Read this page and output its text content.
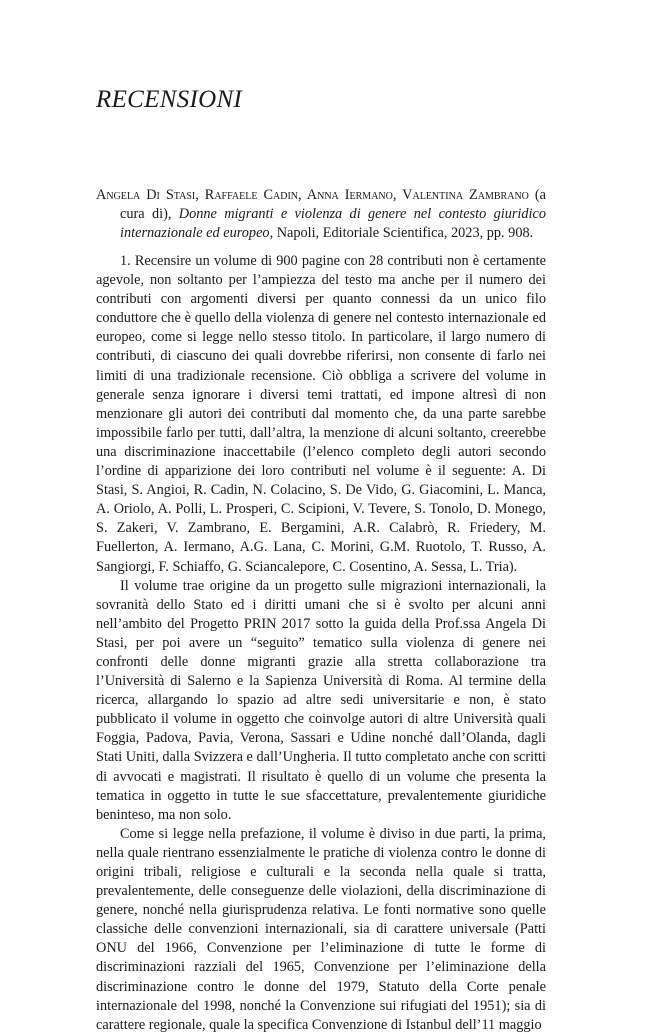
RECENSIONI
Angela Di Stasi, Raffaele Cadin, Anna Iermano, Valentina Zambrano (a cura di), Donne migranti e violenza di genere nel contesto giuridico internazionale ed europeo, Napoli, Editoriale Scientifica, 2023, pp. 908.

1. Recensire un volume di 900 pagine con 28 contributi non è certamente agevole, non soltanto per l’ampiezza del testo ma anche per il numero dei contributi con argomenti diversi per quanto connessi da un unico filo conduttore che è quello della violenza di genere nel contesto internazionale ed europeo, come si legge nello stesso titolo. In particolare, il largo numero di contributi, di ciascuno dei quali dovrebbe riferirsi, non consente di farlo nei limiti di una tradizionale recensione. Ciò obbliga a scrivere del volume in generale senza ignorare i diversi temi trattati, ed impone altresì di non menzionare gli autori dei contributi dal momento che, da una parte sarebbe impossibile farlo per tutti, dall’altra, la menzione di alcuni soltanto, creerebbe una discriminazione inaccettabile (l’elenco completo degli autori secondo l’ordine di apparizione dei loro contributi nel volume è il seguente: A. Di Stasi, S. Angioi, R. Cadin, N. Colacino, S. De Vido, G. Giacomini, L. Manca, A. Oriolo, A. Polli, L. Prosperi, C. Scipioni, V. Tevere, S. Tonolo, D. Monego, S. Zakeri, V. Zambrano, E. Bergamini, A.R. Calabrò, R. Friedery, M. Fuellerton, A. Iermano, A.G. Lana, C. Morini, G.M. Ruotolo, T. Russo, A. Sangiorgi, F. Schiaffo, G. Sciancalepore, C. Cosentino, A. Sessa, L. Tria).

Il volume trae origine da un progetto sulle migrazioni internazionali, la sovranità dello Stato ed i diritti umani che si è svolto per alcuni anni nell’ambito del Progetto PRIN 2017 sotto la guida della Prof.ssa Angela Di Stasi, per poi avere un “seguito” tematico sulla violenza di genere nei confronti delle donne migranti grazie alla stretta collaborazione tra l’Università di Salerno e la Sapienza Università di Roma. Al termine della ricerca, allargando lo spazio ad altre sedi universitarie e non, è stato pubblicato il volume in oggetto che coinvolge autori di altre Università quali Foggia, Padova, Pavia, Verona, Sassari e Udine nonché dall’Olanda, dagli Stati Uniti, dalla Svizzera e dall’Ungheria. Il tutto completato anche con scritti di avvocati e magistrati. Il risultato è quello di un volume che presenta la tematica in oggetto in tutte le sue sfaccettature, prevalentemente giuridiche beninteso, ma non solo.

Come si legge nella prefazione, il volume è diviso in due parti, la prima, nella quale rientrano essenzialmente le pratiche di violenza contro le donne di origini tribali, religiose e culturali e la seconda nella quale si tratta, prevalentemente, delle conseguenze delle violazioni, della discriminazione di genere, nonché nella giurisprudenza relativa. Le fonti normative sono quelle classiche delle convenzioni internazionali, sia di carattere universale (Patti ONU del 1966, Convenzione per l’eliminazione di tutte le forme di discriminazioni razziali del 1965, Convenzione per l’eliminazione della discriminazione contro le donne del 1979, Statuto della Corte penale internazionale del 1998, nonché la Convenzione sui rifugiati del 1951); sia di carattere regionale, quale la specifica Convenzione di Istanbul dell’11 maggio
